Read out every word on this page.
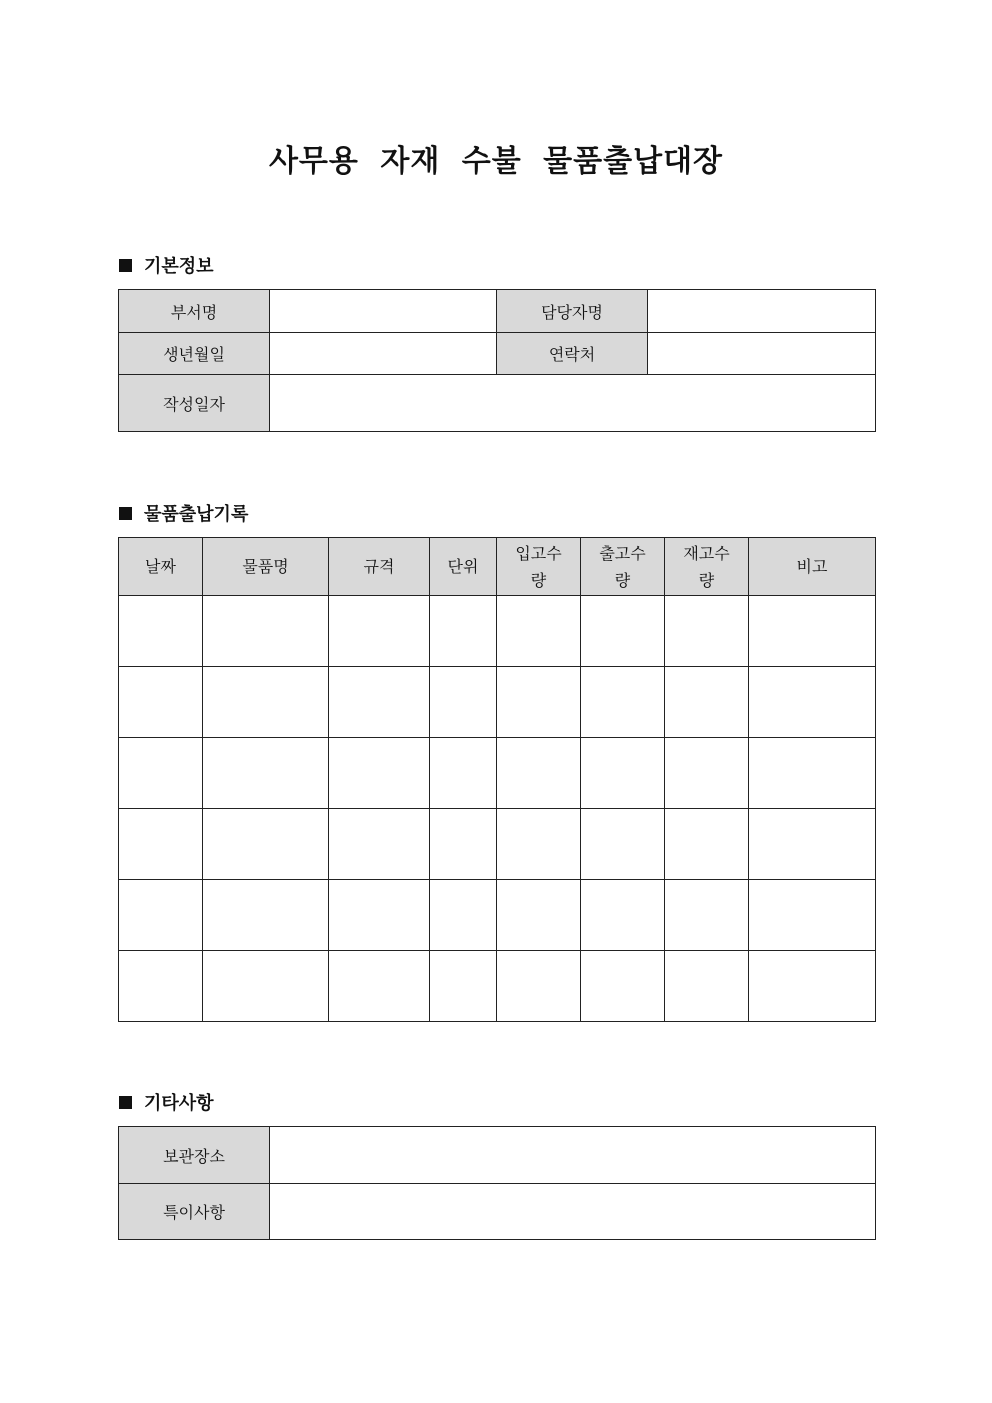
사무용 자재 수불 물품출납대장
기본정보
부서명		담당자명	
생년월일		연락처	
작성일자			
물품출납기록
날짜	물품명	규격	단위	입고수량	출고수량	재고수량	비고

기타사항
보관장소	
특이사항	
